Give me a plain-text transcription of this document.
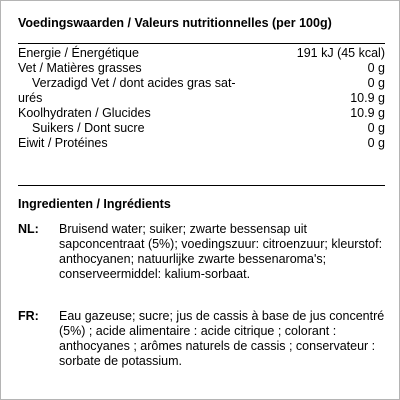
Voedingswaarden / Valeurs nutritionnelles (per 100g)
Energie / Énergétique	191 kJ (45 kcal)
Vet / Matières grasses	0 g
Verzadigd Vet / dont acides gras sat-	0 g
urés	10.9 g
Koolhydraten / Glucides	10.9 g
Suikers / Dont sucre	0 g
Eiwit / Protéines	0 g
Ingredienten / Ingrédients
NL:	Bruisend water; suiker; zwarte bessensap uit sapconcentraat (5%); voedingszuur: citroenzuur; kleurstof: anthocyanen; natuurlijke zwarte bessenaroma's; conserveermiddel: kalium-sorbaat.
FR:	Eau gazeuse; sucre; jus de cassis à base de jus concentré (5%) ; acide alimentaire : acide citrique ; colorant : anthocyanes ; arômes naturels de cassis ; conservateur : sorbate de potassium.
